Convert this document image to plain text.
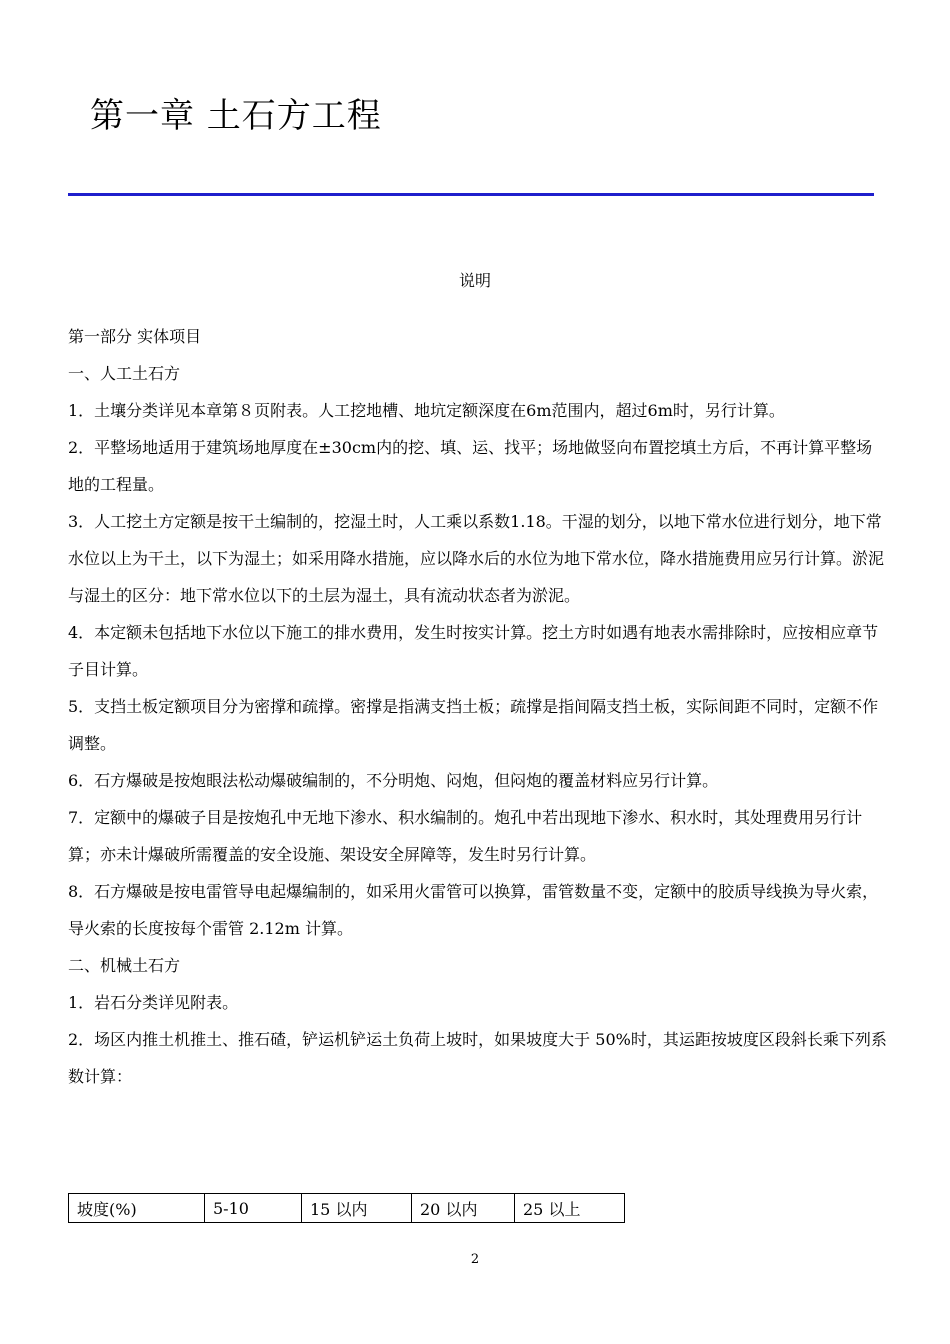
第一章 土石方工程
说明

第一部分 实体项目

一、人工土石方

1．土壤分类详见本章第８页附表。人工挖地槽、地坑定额深度在6m范围内，超过6m时，另行计算。

2．平整场地适用于建筑场地厚度在±30cm内的挖、填、运、找平；场地做竖向布置挖填土方后，不再计算平整场地的工程量。

3．人工挖土方定额是按干土编制的，挖湿土时，人工乘以系数1.18。干湿的划分，以地下常水位进行划分，地下常水位以上为干土，以下为湿土；如采用降水措施，应以降水后的水位为地下常水位，降水措施费用应另行计算。淤泥与湿土的区分：地下常水位以下的土层为湿土，具有流动状态者为淤泥。

4．本定额未包括地下水位以下施工的排水费用，发生时按实计算。挖土方时如遇有地表水需排除时，应按相应章节子目计算。

5．支挡土板定额项目分为密撑和疏撑。密撑是指满支挡土板；疏撑是指间隔支挡土板，实际间距不同时，定额不作调整。

6．石方爆破是按炮眼法松动爆破编制的，不分明炮、闷炮，但闷炮的覆盖材料应另行计算。

7．定额中的爆破子目是按炮孔中无地下渗水、积水编制的。炮孔中若出现地下渗水、积水时，其处理费用另行计算；亦未计爆破所需覆盖的安全设施、架设安全屏障等，发生时另行计算。

8．石方爆破是按电雷管导电起爆编制的，如采用火雷管可以换算，雷管数量不变，定额中的胶质导线换为导火索，导火索的长度按每个雷管 2.12m 计算。

二、机械土石方

1．岩石分类详见附表。

2．场区内推土机推土、推石碴，铲运机铲运土负荷上坡时，如果坡度大于 50%时，其运距按坡度区段斜长乘下列系数计算：

坡度(%)	5-10	15 以内	20 以内	25 以上
2
